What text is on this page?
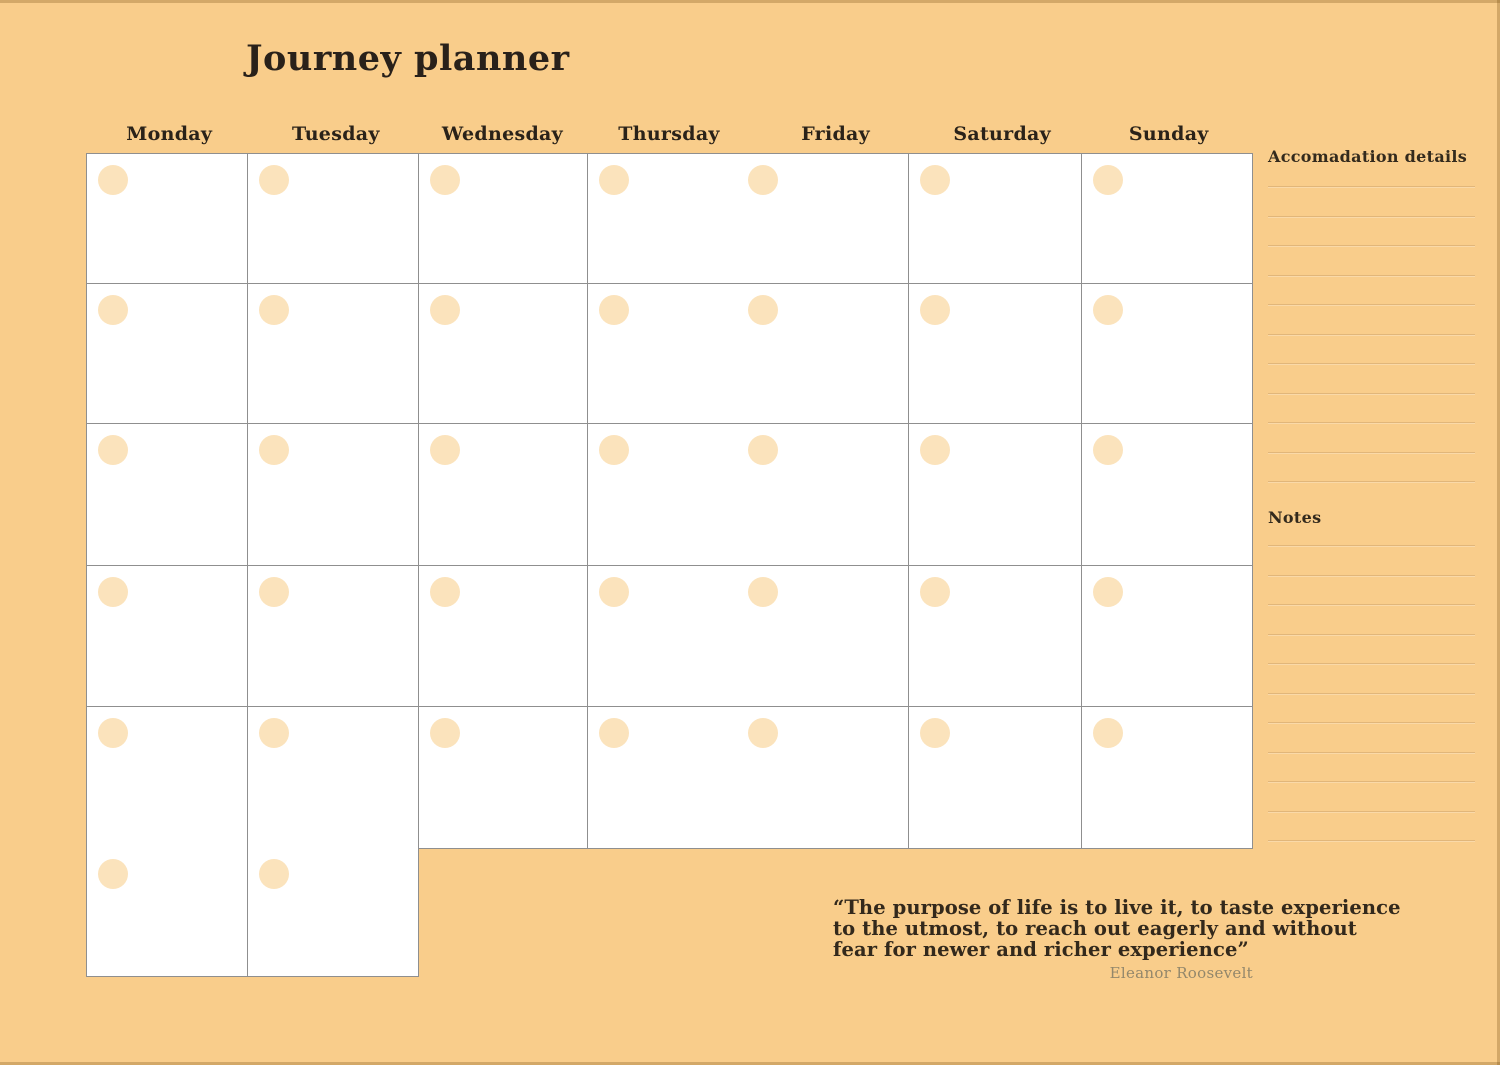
Journey planner
Monday	Tuesday	Wednesday	Thursday	Friday	Saturday	Sunday
Accomadation details
Notes
“The purpose of life is to live it, to taste experience
to the utmost, to reach out eagerly and without
fear for newer and richer experience”
Eleanor Roosevelt
